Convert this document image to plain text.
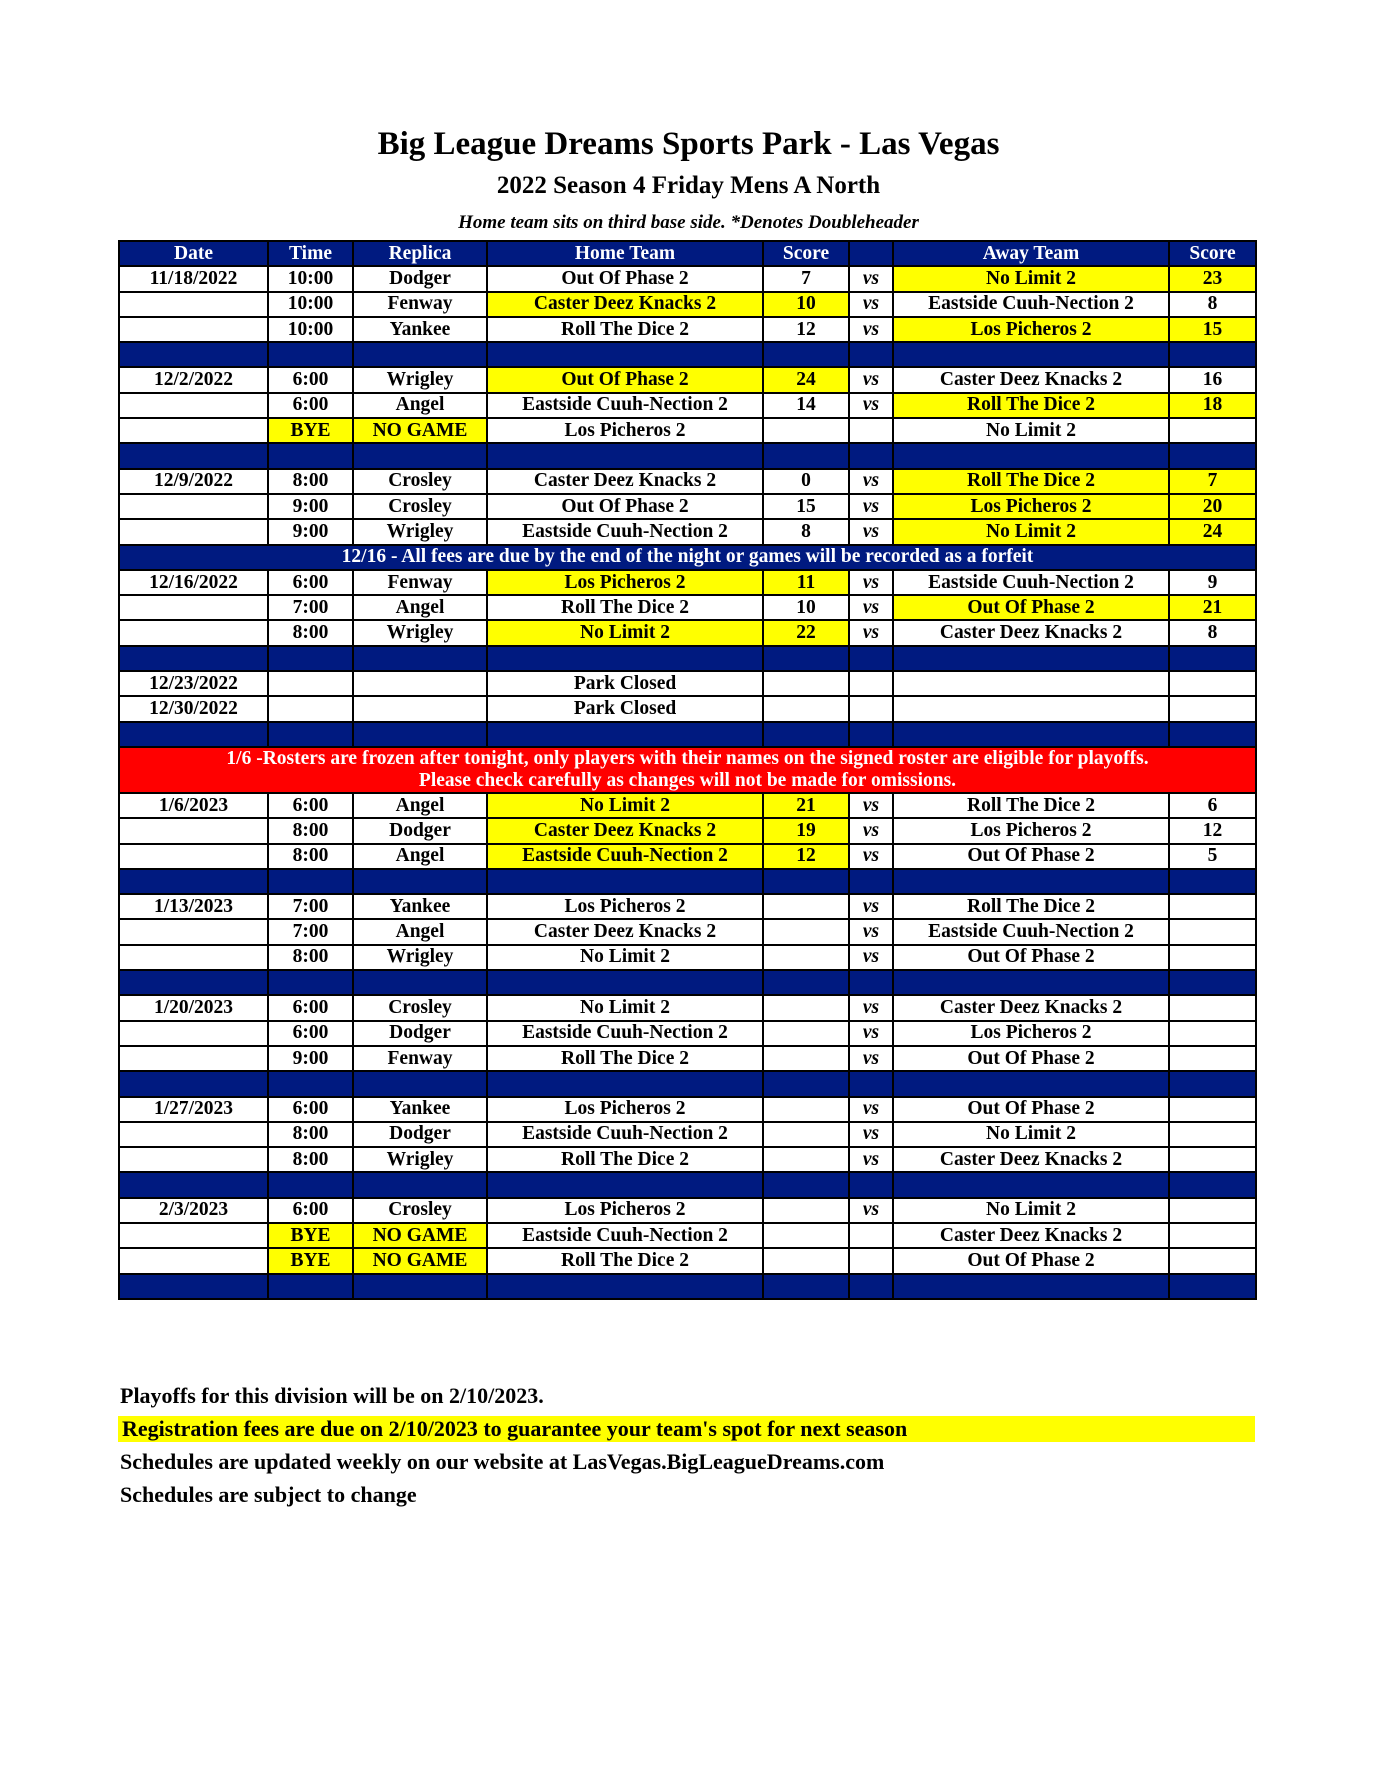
Big League Dreams Sports Park - Las Vegas
2022 Season 4 Friday Mens A North

Home team sits on third base side. *Denotes Doubleheader

Date	Time	Replica	Home Team	Score		Away Team	Score
11/18/2022	10:00	Dodger	Out Of Phase 2	7	vs	No Limit 2	23
	10:00	Fenway	Caster Deez Knacks 2	10	vs	Eastside Cuuh-Nection 2	8
	10:00	Yankee	Roll The Dice 2	12	vs	Los Picheros 2	15

12/2/2022	6:00	Wrigley	Out Of Phase 2	24	vs	Caster Deez Knacks 2	16
	6:00	Angel	Eastside Cuuh-Nection 2	14	vs	Roll The Dice 2	18
	BYE	NO GAME	Los Picheros 2			No Limit 2	

12/9/2022	8:00	Crosley	Caster Deez Knacks 2	0	vs	Roll The Dice 2	7
	9:00	Crosley	Out Of Phase 2	15	vs	Los Picheros 2	20
	9:00	Wrigley	Eastside Cuuh-Nection 2	8	vs	No Limit 2	24
12/16 - All fees are due by the end of the night or games will be recorded as a forfeit							
12/16/2022	6:00	Fenway	Los Picheros 2	11	vs	Eastside Cuuh-Nection 2	9
	7:00	Angel	Roll The Dice 2	10	vs	Out Of Phase 2	21
	8:00	Wrigley	No Limit 2	22	vs	Caster Deez Knacks 2	8

12/23/2022			Park Closed				
12/30/2022			Park Closed				

1/6 -Rosters are frozen after tonight, only players with their names on the signed roster are eligible for playoffs.
Please check carefully as changes will not be made for omissions.							
1/6/2023	6:00	Angel	No Limit 2	21	vs	Roll The Dice 2	6
	8:00	Dodger	Caster Deez Knacks 2	19	vs	Los Picheros 2	12
	8:00	Angel	Eastside Cuuh-Nection 2	12	vs	Out Of Phase 2	5

1/13/2023	7:00	Yankee	Los Picheros 2		vs	Roll The Dice 2	
	7:00	Angel	Caster Deez Knacks 2		vs	Eastside Cuuh-Nection 2	
	8:00	Wrigley	No Limit 2		vs	Out Of Phase 2	

1/20/2023	6:00	Crosley	No Limit 2		vs	Caster Deez Knacks 2	
	6:00	Dodger	Eastside Cuuh-Nection 2		vs	Los Picheros 2	
	9:00	Fenway	Roll The Dice 2		vs	Out Of Phase 2	

1/27/2023	6:00	Yankee	Los Picheros 2		vs	Out Of Phase 2	
	8:00	Dodger	Eastside Cuuh-Nection 2		vs	No Limit 2	
	8:00	Wrigley	Roll The Dice 2		vs	Caster Deez Knacks 2	

2/3/2023	6:00	Crosley	Los Picheros 2		vs	No Limit 2	
	BYE	NO GAME	Eastside Cuuh-Nection 2			Caster Deez Knacks 2	
	BYE	NO GAME	Roll The Dice 2			Out Of Phase 2	

Playoffs for this division will be on 2/10/2023.

Registration fees are due on 2/10/2023 to guarantee your team's spot for next season

Schedules are updated weekly on our website at LasVegas.BigLeagueDreams.com

Schedules are subject to change
